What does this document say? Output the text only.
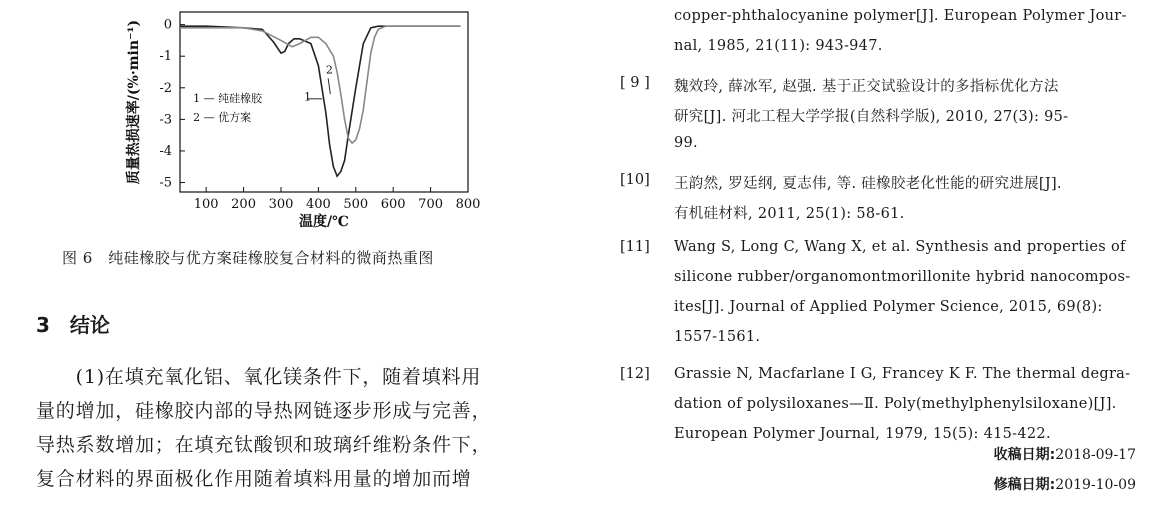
100 200 300 400 500 600 700 800
0
-1
-2
-3
-4
-5
温度/℃
质量热损速率/(%·min⁻¹)	1 — 纯硅橡胶
2 — 优方案
1
2
图 6　纯硅橡胶与优方案硅橡胶复合材料的微商热重图
3 结论
　　(1)在填充氧化铝、氧化镁条件下，随着填料用
量的增加，硅橡胶内部的导热网链逐步形成与完善，
导热系数增加；在填充钛酸钡和玻璃纤维粉条件下，
复合材料的界面极化作用随着填料用量的增加而增
copper-phthalocyanine polymer[J]. European Polymer Jour-
nal, 1985, 21(11): 943-947.
[ 9 ] 魏效玲, 薛冰军, 赵强. 基于正交试验设计的多指标优化方法
研究[J]. 河北工程大学学报(自然科学版), 2010, 27(3): 95-
99.
[10] 王韵然, 罗廷纲, 夏志伟, 等. 硅橡胶老化性能的研究进展[J].
有机硅材料, 2011, 25(1): 58-61.
[11] Wang S, Long C, Wang X, et al. Synthesis and properties of
silicone rubber/organomontmorillonite hybrid nanocompos-
ites[J]. Journal of Applied Polymer Science, 2015, 69(8):
1557-1561.
[12] Grassie N, Macfarlane I G, Francey K F. The thermal degra-
dation of polysiloxanes—Ⅱ. Poly(methylphenylsiloxane)[J].
European Polymer Journal, 1979, 15(5): 415-422.
收稿日期:2018-09-17
修稿日期:2019-10-09
